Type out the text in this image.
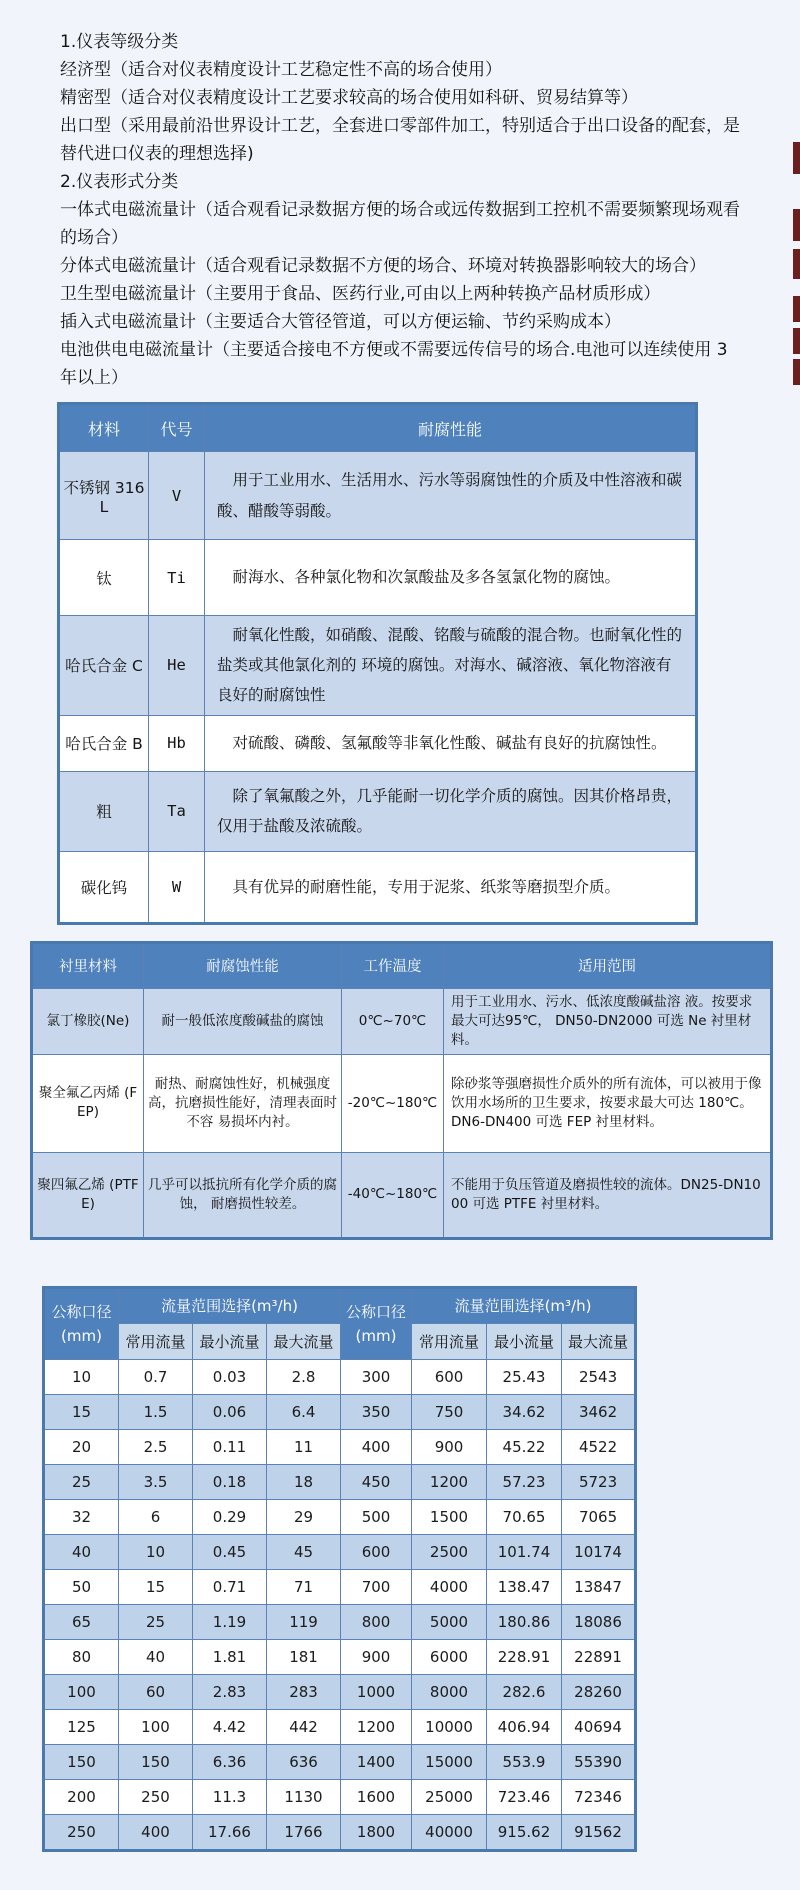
1.仪表等级分类

经济型（适合对仪表精度设计工艺稳定性不高的场合使用）

精密型（适合对仪表精度设计工艺要求较高的场合使用如科研、贸易结算等）

出口型（采用最前沿世界设计工艺，全套进口零部件加工，特别适合于出口设备的配套，是替代进口仪表的理想选择)

2.仪表形式分类

一体式电磁流量计（适合观看记录数据方便的场合或远传数据到工控机不需要频繁现场观看的场合）

分体式电磁流量计（适合观看记录数据不方便的场合、环境对转换器影响较大的场合）

卫生型电磁流量计（主要用于食品、医药行业,可由以上两种转换产品材质形成）

插入式电磁流量计（主要适合大管径管道，可以方便运输、节约采购成本）

电池供电电磁流量计（主要适合接电不方便或不需要远传信号的场合.电池可以连续使用 3 年以上）

材料	代号	耐腐性能
不锈钢 316L	V	用于工业用水、生活用水、污水等弱腐蚀性的介质及中性溶液和碳酸、醋酸等弱酸。
钛	Ti	耐海水、各种氯化物和次氯酸盐及多各氢氯化物的腐蚀。
哈氏合金 C	He	耐氧化性酸，如硝酸、混酸、铭酸与硫酸的混合物。也耐氧化性的盐类或其他氯化剂的 环境的腐蚀。对海水、碱溶液、氧化物溶液有良好的耐腐蚀性
哈氏合金 B	Hb	对硫酸、磷酸、氢氟酸等非氧化性酸、碱盐有良好的抗腐蚀性。
粗	Ta	除了氧氟酸之外，几乎能耐一切化学介质的腐蚀。因其价格昂贵，仅用于盐酸及浓硫酸。
碳化钨	W	具有优异的耐磨性能，专用于泥浆、纸浆等磨损型介质。
衬里材料	耐腐蚀性能	工作温度	适用范围
氯丁橡胶(Ne)	耐一般低浓度酸碱盐的腐蚀	0℃~70℃	用于工业用水、污水、低浓度酸碱盐溶 液。按要求最大可达95℃， DN50-DN2000 可选 Ne 衬里材料。
聚全氟乙丙烯 (FEP)	耐热、耐腐蚀性好，机械强度高，抗磨损性能好，清理表面时不容 易损坏内衬。	-20℃~180℃	除砂浆等强磨损性介质外的所有流体，可以被用于像饮用水场所的卫生要求，按要求最大可达 180℃。DN6-DN400 可选 FEP 衬里材料。
聚四氟乙烯 (PTFE)	几乎可以抵抗所有化学介质的腐蚀， 耐磨损性较差。	-40℃~180℃	不能用于负压管道及磨损性较的流体。DN25-DN1000 可选 PTFE 衬里材料。
公称口径
(mm)
	流量范围选择(m³/h)	公称口径
(mm)
	流量范围选择(m³/h)
	常用流量	最小流量	最大流量		常用流量	最小流量	最大流量
10	0.7	0.03	2.8	300	600	25.43	2543
15	1.5	0.06	6.4	350	750	34.62	3462
20	2.5	0.11	11	400	900	45.22	4522
25	3.5	0.18	18	450	1200	57.23	5723
32	6	0.29	29	500	1500	70.65	7065
40	10	0.45	45	600	2500	101.74	10174
50	15	0.71	71	700	4000	138.47	13847
65	25	1.19	119	800	5000	180.86	18086
80	40	1.81	181	900	6000	228.91	22891
100	60	2.83	283	1000	8000	282.6	28260
125	100	4.42	442	1200	10000	406.94	40694
150	150	6.36	636	1400	15000	553.9	55390
200	250	11.3	1130	1600	25000	723.46	72346
250	400	17.66	1766	1800	40000	915.62	91562
